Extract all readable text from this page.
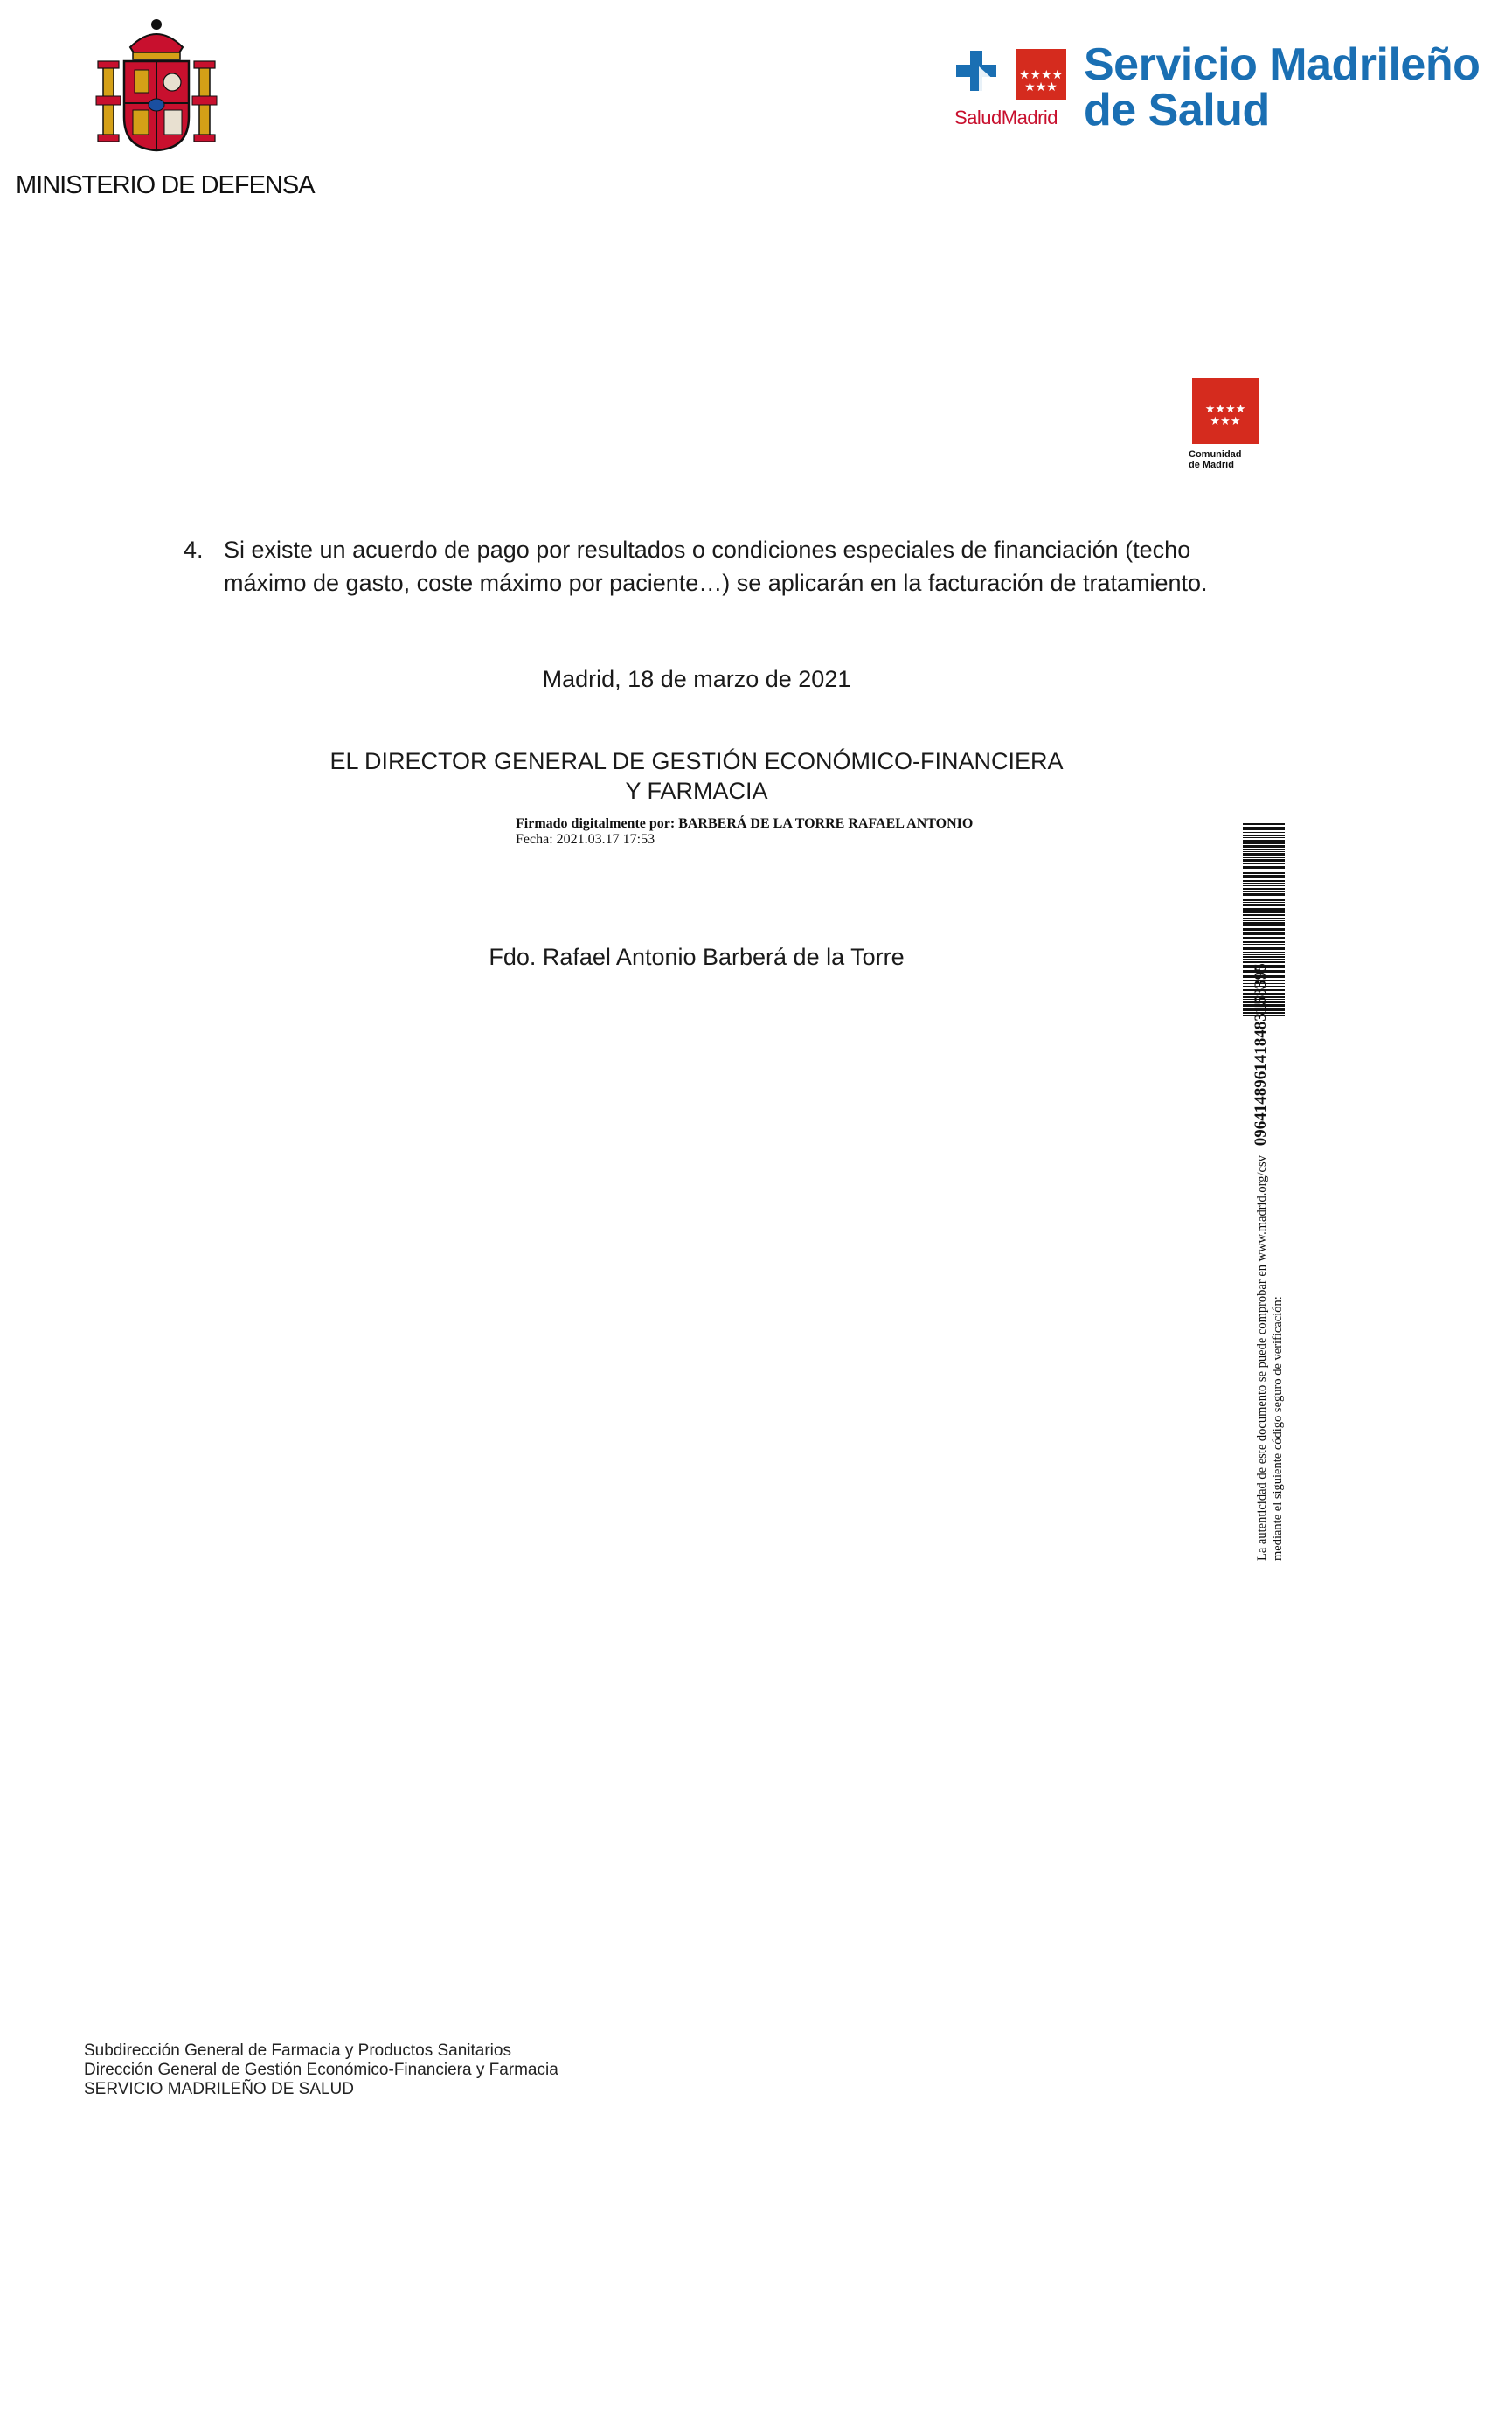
MINISTERIO DE DEFENSA
★★★★
★★★
SaludMadrid
Servicio Madrileño
de Salud
★★★★
★★★
Comunidad
de Madrid
4. Si existe un acuerdo de pago por resultados o condiciones especiales de financiación (techo
máximo de gasto, coste máximo por paciente…) se aplicarán en la facturación de tratamiento.
Madrid, 18 de marzo de 2021
EL DIRECTOR GENERAL DE GESTIÓN ECONÓMICO-FINANCIERA
Y FARMACIA
Firmado digitalmente por: BARBERÁ DE LA TORRE RAFAEL ANTONIO
Fecha: 2021.03.17 17:53
Fdo. Rafael Antonio Barberá de la Torre
La autenticidad de este documento se puede comprobar en www.madrid.org/csv   0964148961418483158395
mediante el siguiente código seguro de verificación:
Subdirección General de Farmacia y Productos Sanitarios
Dirección General de Gestión Económico-Financiera y Farmacia
SERVICIO MADRILEÑO DE SALUD
